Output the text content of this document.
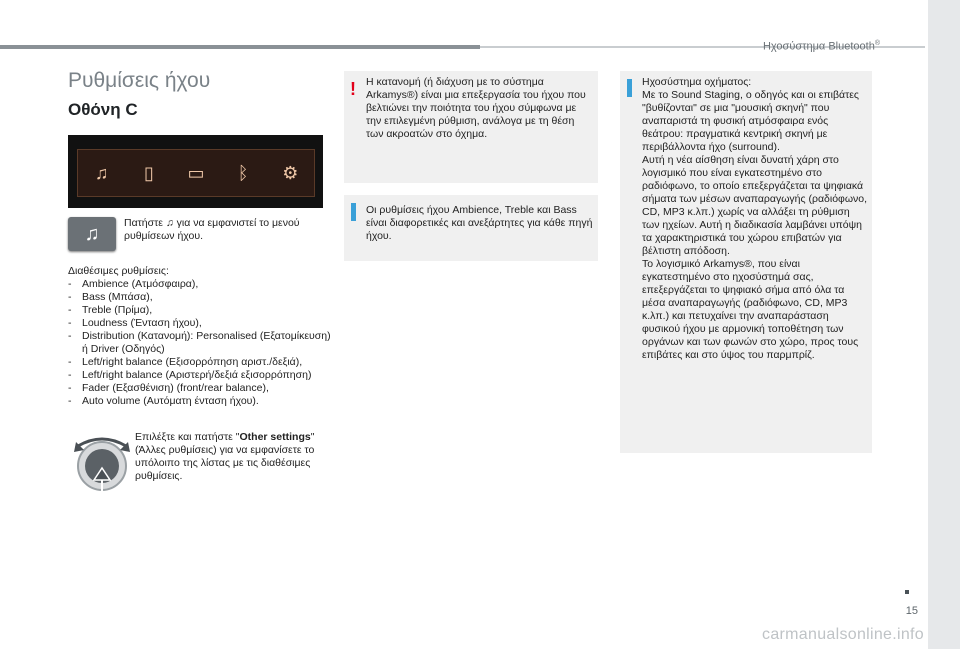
Ηχοσύστημα Bluetooth®
Ρυθμίσεις ήχου
Οθόνη C
♫	▯	▭	ᛒ	⚙
♫	Πατήστε ♫ για να εμφανιστεί το μενού ρυθμίσεων ήχου.
Διαθέσιμες ρυθμίσεις:
- Ambience (Ατμόσφαιρα),
- Bass (Μπάσα),
- Treble (Πρίμα),
- Loudness (Ένταση ήχου),
- Distribution (Κατανομή): Personalised (Εξατομίκευση) ή Driver (Οδηγός)
- Left/right balance (Εξισορρόπηση αριστ./δεξιά),
- Left/right balance (Αριστερή/δεξιά εξισορρόπηση)
- Fader (Εξασθένιση) (front/rear balance),
- Auto volume (Αυτόματη ένταση ήχου).
Επιλέξτε και πατήστε "Other settings" (Άλλες ρυθμίσεις) για να εμφανίσετε το υπόλοιπο της λίστας με τις διαθέσιμες ρυθμίσεις.
! Η κατανομή (ή διάχυση με το σύστημα Arkamys®) είναι μια επεξεργασία του ήχου που βελτιώνει την ποιότητα του ήχου σύμφωνα με την επιλεγμένη ρύθμιση, ανάλογα με τη θέση των ακροατών στο όχημα.
Οι ρυθμίσεις ήχου Ambience, Treble και Bass είναι διαφορετικές και ανεξάρτητες για κάθε πηγή ήχου.
Ηχοσύστημα οχήματος:
Με το Sound Staging, ο οδηγός και οι επιβάτες "βυθίζονται" σε μια "μουσική σκηνή" που αναπαριστά τη φυσική ατμόσφαιρα ενός θεάτρου: πραγματικά κεντρική σκηνή με περιβάλλοντα ήχο (surround).
Αυτή η νέα αίσθηση είναι δυνατή χάρη στο λογισμικό που είναι εγκατεστημένο στο ραδιόφωνο, το οποίο επεξεργάζεται τα ψηφιακά σήματα των μέσων αναπαραγωγής (ραδιόφωνο, CD, MP3 κ.λπ.) χωρίς να αλλάξει τη ρύθμιση των ηχείων. Αυτή η διαδικασία λαμβάνει υπόψη τα χαρακτηριστικά του χώρου επιβατών για βέλτιστη απόδοση.
Το λογισμικό Arkamys®, που είναι εγκατεστημένο στο ηχοσύστημά σας, επεξεργάζεται το ψηφιακό σήμα από όλα τα μέσα αναπαραγωγής (ραδιόφωνο, CD, MP3 κ.λπ.) και πετυχαίνει την αναπαράσταση φυσικού ήχου με αρμονική τοποθέτηση των οργάνων και των φωνών στο χώρο, προς τους επιβάτες και στο ύψος του παρμπρίζ.
15
carmanualsonline.info
